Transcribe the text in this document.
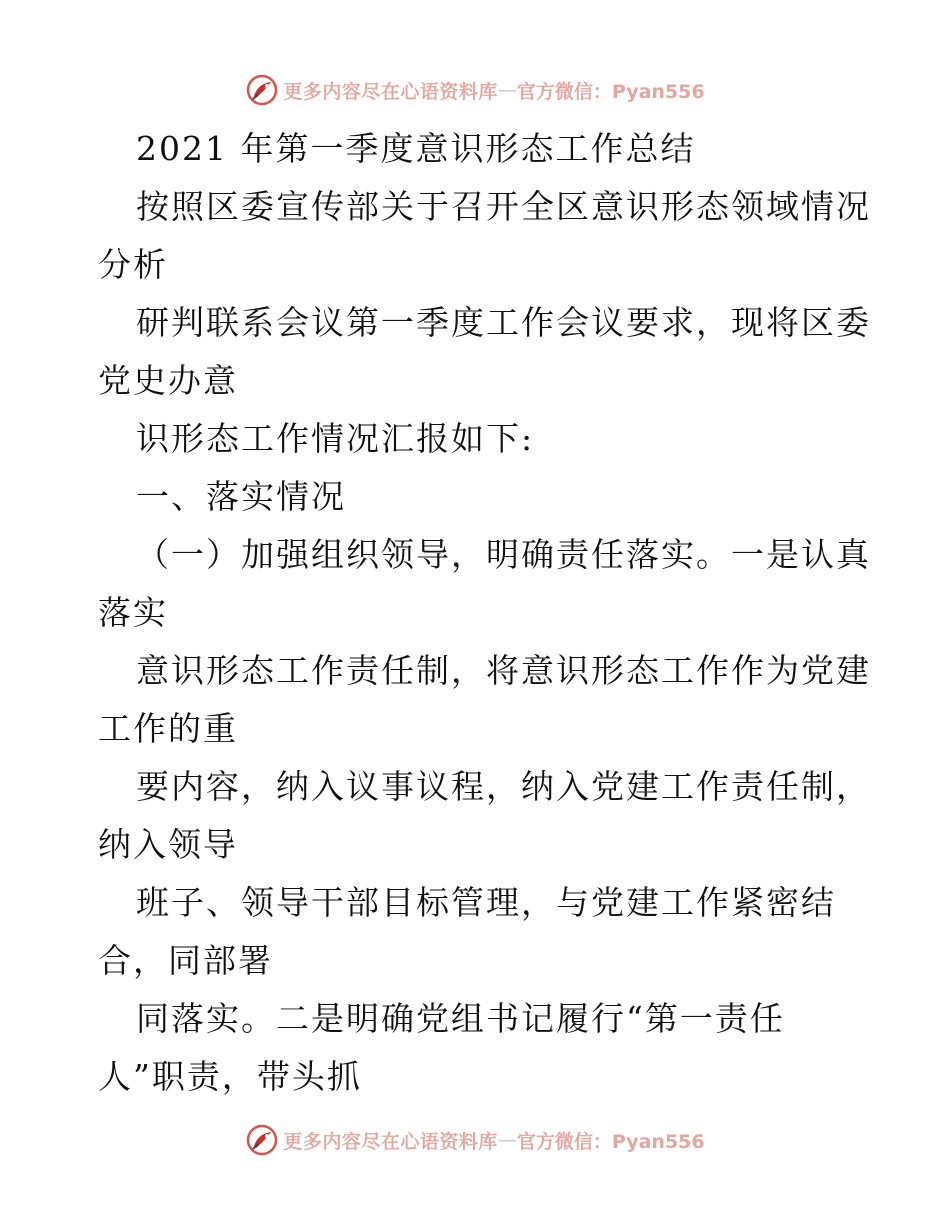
更多内容尽在心语资料库 — 官方微信：Pyan556
2021 年第一季度意识形态工作总结
按照区委宣传部关于召开全区意识形态领域情况
分析
研判联系会议第一季度工作会议要求，现将区委
党史办意
识形态工作情况汇报如下:
一、落实情况
（一）加强组织领导，明确责任落实。一是认真
落实
意识形态工作责任制，将意识形态工作作为党建
工作的重
要内容，纳入议事议程，纳入党建工作责任制，
纳入领导
班子、领导干部目标管理，与党建工作紧密结
合，同部署
同落实。二是明确党组书记履行“第一责任
人”职责，带头抓
更多内容尽在心语资料库 — 官方微信：Pyan556
